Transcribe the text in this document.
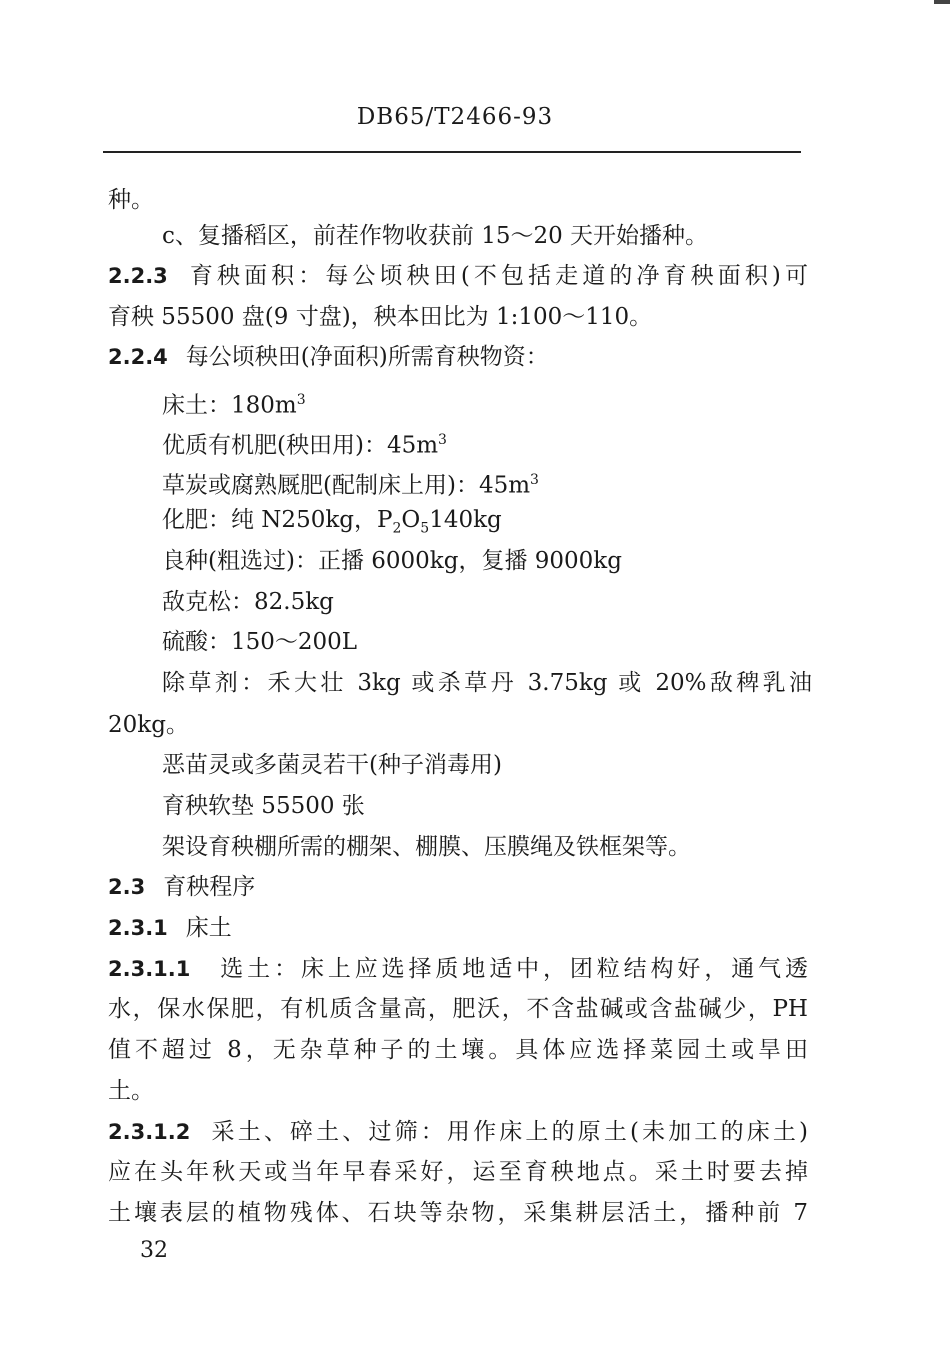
DB65/T2466-93
种。
c、复播稻区，前茬作物收获前 15～20 天开始播种。
2.2.3 育秧面积：每公顷秧田(不包括走道的净育秧面积)可
育秧 55500 盘(9 寸盘)，秧本田比为 1:100～110。
2.2.4 每公顷秧田(净面积)所需育秧物资：
床土：$180m^3$
优质有机肥(秧田用)：$45m^3$
草炭或腐熟厩肥(配制床上用)：$45m^3$
化肥：纯 N250kg，$P_2O_5140kg$
良种(粗选过)：正播 6000kg，复播 9000kg
敌克松：82.5kg
硫酸：150～200L
除草剂：禾大壮 3kg 或杀草丹 3.75kg 或 20%敌稗乳油
20kg。
恶苗灵或多菌灵若干(种子消毒用)
育秧软垫 55500 张
架设育秧棚所需的棚架、棚膜、压膜绳及铁框架等。
2.3 育秧程序
2.3.1 床土
2.3.1.1 选土：床上应选择质地适中，团粒结构好，通气透
水，保水保肥，有机质含量高，肥沃，不含盐碱或含盐碱少，PH
值不超过 8，无杂草种子的土壤。具体应选择菜园土或旱田
土。
2.3.1.2 采土、碎土、过筛：用作床上的原土(未加工的床土)
应在头年秋天或当年早春采好，运至育秧地点。采土时要去掉
土壤表层的植物残体、石块等杂物，采集耕层活土，播种前 7
32
